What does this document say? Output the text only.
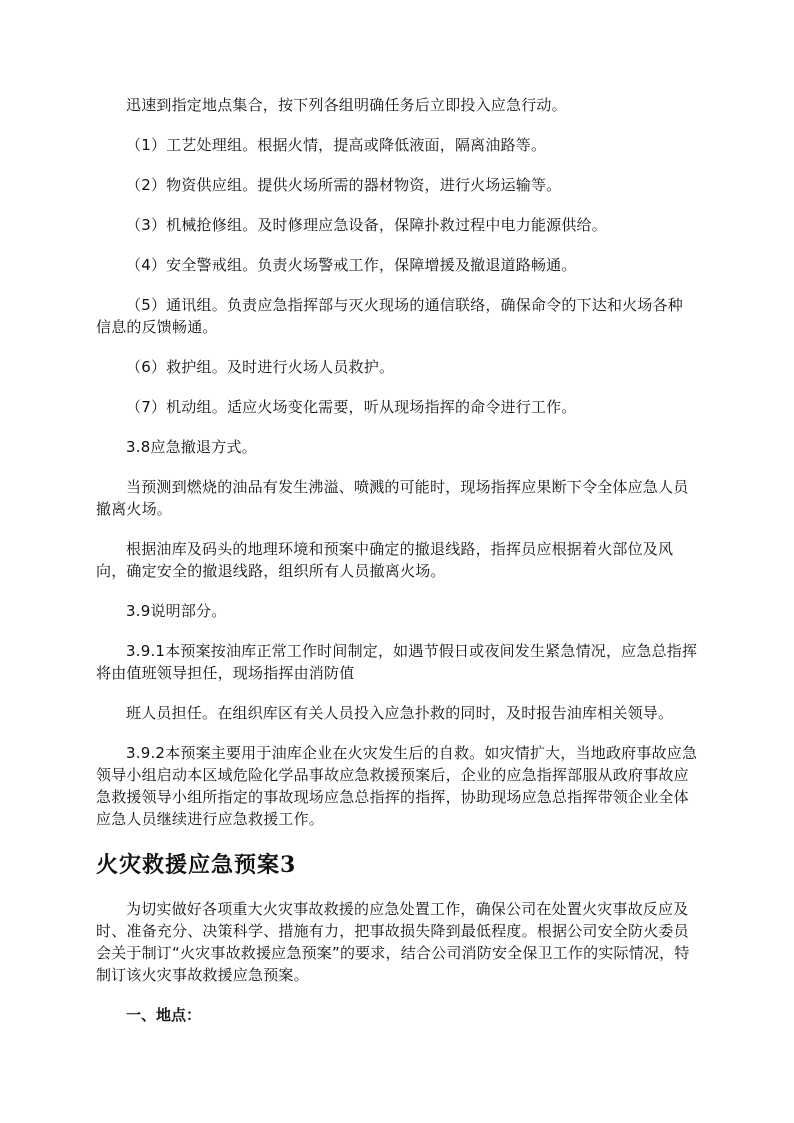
迅速到指定地点集合，按下列各组明确任务后立即投入应急行动。

（1）工艺处理组。根据火情，提高或降低液面，隔离油路等。

（2）物资供应组。提供火场所需的器材物资，进行火场运输等。

（3）机械抢修组。及时修理应急设备，保障扑救过程中电力能源供给。

（4）安全警戒组。负责火场警戒工作，保障增援及撤退道路畅通。

（5）通讯组。负责应急指挥部与灭火现场的通信联络，确保命令的下达和火场各种信息的反馈畅通。

（6）救护组。及时进行火场人员救护。

（7）机动组。适应火场变化需要，听从现场指挥的命令进行工作。

3.8应急撤退方式。

当预测到燃烧的油品有发生沸溢、喷溅的可能时，现场指挥应果断下令全体应急人员撤离火场。

根据油库及码头的地理环境和预案中确定的撤退线路，指挥员应根据着火部位及风向，确定安全的撤退线路，组织所有人员撤离火场。

3.9说明部分。

3.9.1本预案按油库正常工作时间制定，如遇节假日或夜间发生紧急情况，应急总指挥将由值班领导担任，现场指挥由消防值

班人员担任。在组织库区有关人员投入应急扑救的同时，及时报告油库相关领导。

3.9.2本预案主要用于油库企业在火灾发生后的自救。如灾情扩大，当地政府事故应急领导小组启动本区域危险化学品事故应急救援预案后，企业的应急指挥部服从政府事故应急救援领导小组所指定的事故现场应急总指挥的指挥，协助现场应急总指挥带领企业全体应急人员继续进行应急救援工作。

火灾救援应急预案3

为切实做好各项重大火灾事故救援的应急处置工作，确保公司在处置火灾事故反应及时、准备充分、决策科学、措施有力，把事故损失降到最低程度。根据公司安全防火委员会关于制订“火灾事故救援应急预案”的要求，结合公司消防安全保卫工作的实际情况，特制订该火灾事故救援应急预案。

一、地点：
